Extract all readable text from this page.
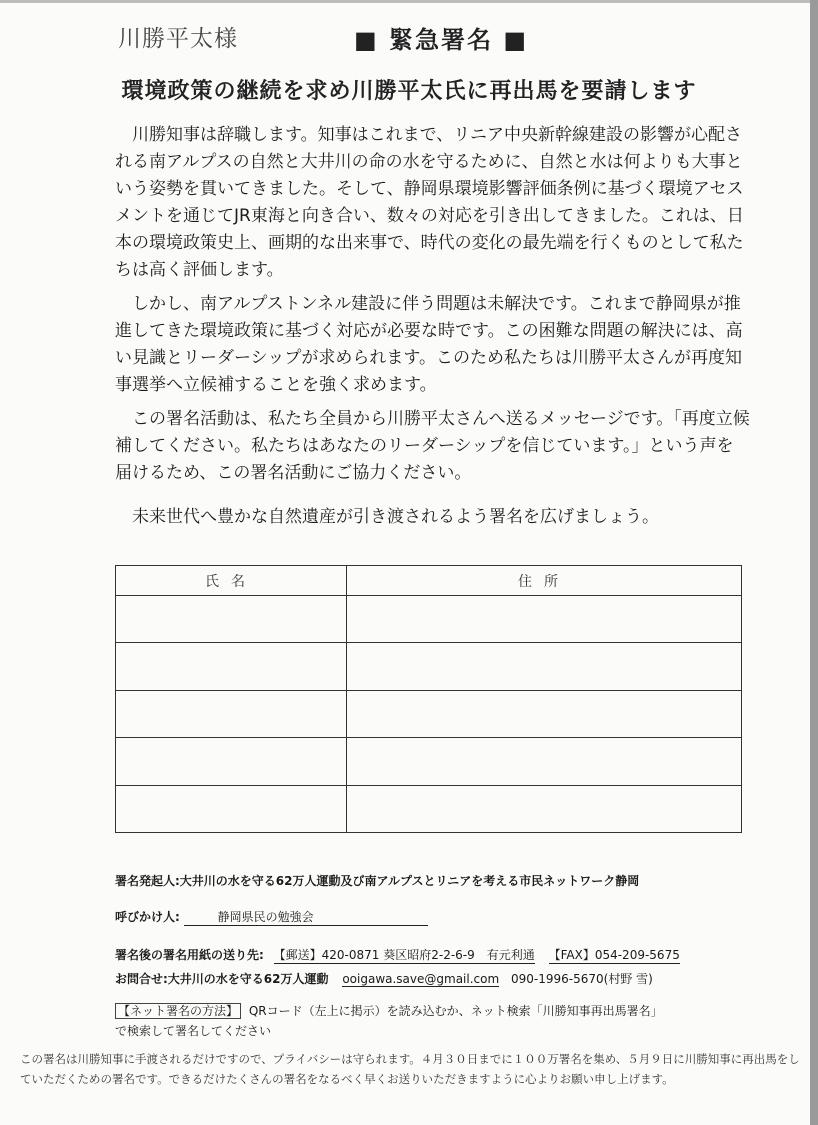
川勝平太様	■ 緊急署名 ■
環境政策の継続を求め川勝平太氏に再出馬を要請します
川勝知事は辞職します。知事はこれまで、リニア中央新幹線建設の影響が心配される南アルプスの自然と大井川の命の水を守るために、自然と水は何よりも大事という姿勢を貫いてきました。そして、静岡県環境影響評価条例に基づく環境アセスメントを通じてJR東海と向き合い、数々の対応を引き出してきました。これは、日本の環境政策史上、画期的な出来事で、時代の変化の最先端を行くものとして私たちは高く評価します。
しかし、南アルプストンネル建設に伴う問題は未解決です。これまで静岡県が推進してきた環境政策に基づく対応が必要な時です。この困難な問題の解決には、高い見識とリーダーシップが求められます。このため私たちは川勝平太さんが再度知事選挙へ立候補することを強く求めます。
この署名活動は、私たち全員から川勝平太さんへ送るメッセージです。「再度立候補してください。私たちはあなたのリーダーシップを信じています。」という声を届けるため、この署名活動にご協力ください。
未来世代へ豊かな自然遺産が引き渡されるよう署名を広げましょう。
氏名	住所

署名発起人:大井川の水を守る62万人運動及び南アルプスとリニアを考える市民ネットワーク静岡
呼びかけ人:	静岡県民の勉強会
署名後の署名用紙の送り先: 【郵送】420-0871 葵区昭府2-2-6-9　有元利通 【FAX】054-209-5675
お問合せ:大井川の水を守る62万人運動 ooigawa.save@gmail.com 090-1996-5670(村野 雪)
【ネット署名の方法】 QRコード（左上に掲示）を読み込むか、ネット検索「川勝知事再出馬署名」
で検索して署名してください
この署名は川勝知事に手渡されるだけですので、プライバシーは守られます。４月３０日までに１００万署名を集め、５月９日に川勝知事に再出馬をしていただくための署名です。できるだけたくさんの署名をなるべく早くお送りいただきますように心よりお願い申し上げます。
